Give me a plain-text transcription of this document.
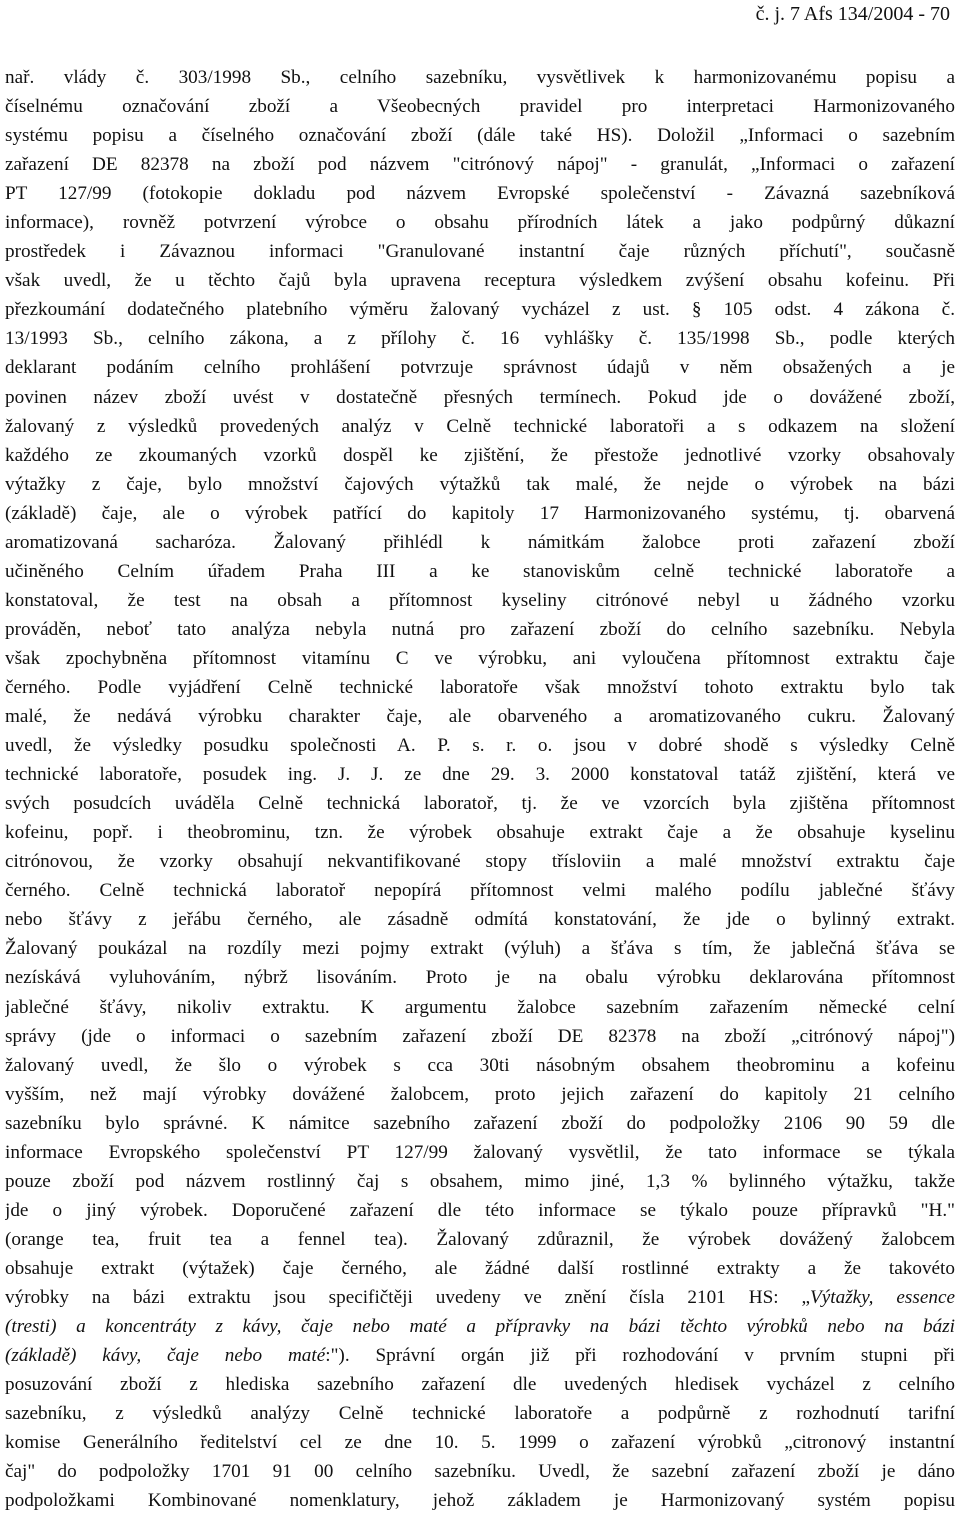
č. j. 7 Afs 134/2004 - 70
nař. vlády č. 303/1998 Sb., celního sazebníku, vysvětlivek k harmonizovanému popisu a
číselnému označování zboží a Všeobecných pravidel pro interpretaci Harmonizovaného
systému popisu a číselného označování zboží (dále také HS). Doložil „Informaci o sazebním
zařazení DE 82378 na zboží pod názvem "citrónový nápoj" - granulát, „Informaci o zařazení
PT 127/99 (fotokopie dokladu pod názvem Evropské společenství - Závazná sazebníková
informace), rovněž potvrzení výrobce o obsahu přírodních látek a jako podpůrný důkazní
prostředek i Závaznou informaci "Granulované instantní čaje různých příchutí", současně
však uvedl, že u těchto čajů byla upravena receptura výsledkem zvýšení obsahu kofeinu. Při
přezkoumání dodatečného platebního výměru žalovaný vycházel z ust. § 105 odst. 4 zákona č.
13/1993 Sb., celního zákona, a z přílohy č. 16 vyhlášky č. 135/1998 Sb., podle kterých
deklarant podáním celního prohlášení potvrzuje správnost údajů v něm obsažených a je
povinen název zboží uvést v dostatečně přesných termínech. Pokud jde o dovážené zboží,
žalovaný z výsledků provedených analýz v Celně technické laboratoři a s odkazem na složení
každého ze zkoumaných vzorků dospěl ke zjištění, že přestože jednotlivé vzorky obsahovaly
výtažky z čaje, bylo množství čajových výtažků tak malé, že nejde o výrobek na bázi
(základě) čaje, ale o výrobek patřící do kapitoly 17 Harmonizovaného systému, tj. obarvená
aromatizovaná sacharóza. Žalovaný přihlédl k námitkám žalobce proti zařazení zboží
učiněného Celním úřadem Praha III a ke stanoviskům celně technické laboratoře a
konstatoval, že test na obsah a přítomnost kyseliny citrónové nebyl u žádného vzorku
prováděn, neboť tato analýza nebyla nutná pro zařazení zboží do celního sazebníku. Nebyla
však zpochybněna přítomnost vitamínu C ve výrobku, ani vyloučena přítomnost extraktu čaje
černého. Podle vyjádření Celně technické laboratoře však množství tohoto extraktu bylo tak
malé, že nedává výrobku charakter čaje, ale obarveného a aromatizovaného cukru. Žalovaný
uvedl, že výsledky posudku společnosti A. P. s. r. o. jsou v dobré shodě s výsledky Celně
technické laboratoře, posudek ing. J. J. ze dne 29. 3. 2000 konstatoval tatáž zjištění, která ve
svých posudcích uváděla Celně technická laboratoř, tj. že ve vzorcích byla zjištěna přítomnost
kofeinu, popř. i theobrominu, tzn. že výrobek obsahuje extrakt čaje a že obsahuje kyselinu
citrónovou, že vzorky obsahují nekvantifikované stopy třísloviin a malé množství extraktu čaje
černého. Celně technická laboratoř nepopírá přítomnost velmi malého podílu jablečné šťávy
nebo šťávy z jeřábu černého, ale zásadně odmítá konstatování, že jde o bylinný extrakt.
Žalovaný poukázal na rozdíly mezi pojmy extrakt (výluh) a šťáva s tím, že jablečná šťáva se
nezískává vyluhováním, nýbrž lisováním. Proto je na obalu výrobku deklarována přítomnost
jablečné šťávy, nikoliv extraktu. K argumentu žalobce sazebním zařazením německé celní
správy (jde o informaci o sazebním zařazení zboží DE 82378 na zboží „citrónový nápoj")
žalovaný uvedl, že šlo o výrobek s cca 30ti násobným obsahem theobrominu a kofeinu
vyšším, než mají výrobky dovážené žalobcem, proto jejich zařazení do kapitoly 21 celního
sazebníku bylo správné. K námitce sazebního zařazení zboží do podpoložky 2106 90 59 dle
informace Evropského společenství PT 127/99 žalovaný vysvětlil, že tato informace se týkala
pouze zboží pod názvem rostlinný čaj s obsahem, mimo jiné, 1,3 % bylinného výtažku, takže
jde o jiný výrobek. Doporučené zařazení dle této informace se týkalo pouze přípravků "H."
(orange tea, fruit tea a fennel tea). Žalovaný zdůraznil, že výrobek dovážený žalobcem
obsahuje extrakt (výtažek) čaje černého, ale žádné další rostlinné extrakty a že takovéto
výrobky na bázi extraktu jsou specifičtěji uvedeny ve znění čísla 2101 HS: „Výtažky, essence
(tresti) a koncentráty z kávy, čaje nebo maté a přípravky na bázi těchto výrobků nebo na bázi
(základě) kávy, čaje nebo maté:"). Správní orgán již při rozhodování v prvním stupni při
posuzování zboží z hlediska sazebního zařazení dle uvedených hledisek vycházel z celního
sazebníku, z výsledků analýzy Celně technické laboratoře a podpůrně z rozhodnutí tarifní
komise Generálního ředitelství cel ze dne 10. 5. 1999 o zařazení výrobků „citronový instantní
čaj" do podpoložky 1701 91 00 celního sazebníku. Uvedl, že sazební zařazení zboží je dáno
podpoložkami Kombinované nomenklatury, jehož základem je Harmonizovaný systém popisu
